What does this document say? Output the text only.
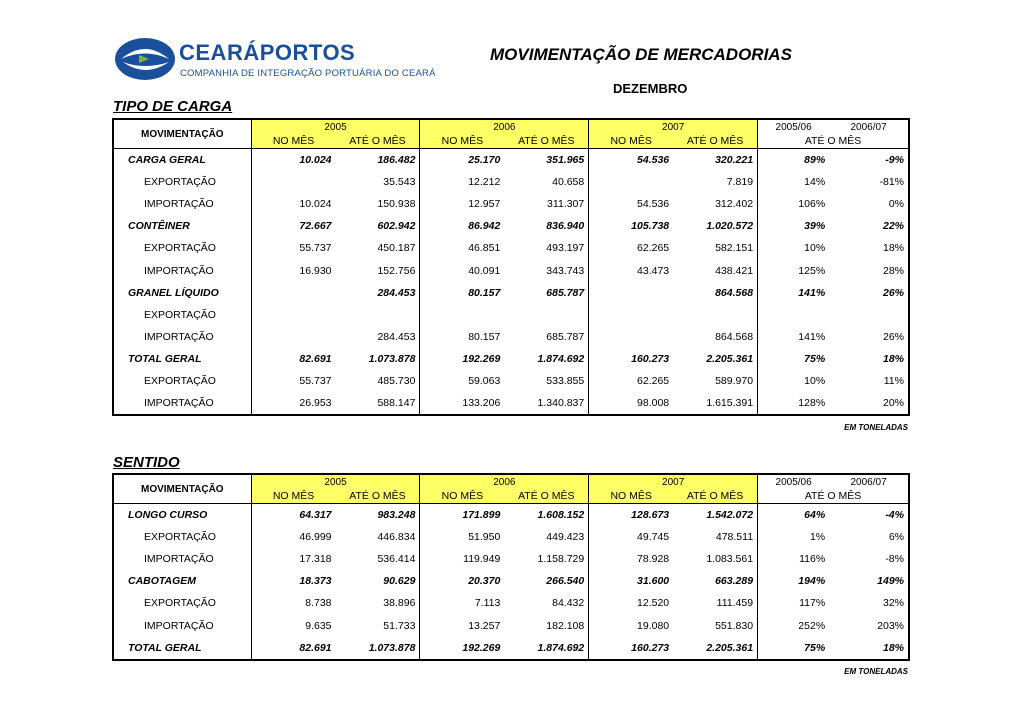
CEARÁPORTOS
COMPANHIA DE INTEGRAÇÃO PORTUÁRIA DO CEARÁ
MOVIMENTAÇÃO DE MERCADORIAS
DEZEMBRO
TIPO DE CARGA
MOVIMENTAÇÃO	2005		2006		2007		2005/06	2006/07
	NO MÊS	ATÉ O MÊS	NO MÊS	ATÉ O MÊS	NO MÊS	ATÉ O MÊS	ATÉ O MÊS	
CARGA GERAL	10.024	186.482	25.170	351.965	54.536	320.221	89%	-9%
EXPORTAÇÃO		35.543	12.212	40.658		7.819	14%	-81%
IMPORTAÇÃO	10.024	150.938	12.957	311.307	54.536	312.402	106%	0%
CONTÊINER	72.667	602.942	86.942	836.940	105.738	1.020.572	39%	22%
EXPORTAÇÃO	55.737	450.187	46.851	493.197	62.265	582.151	10%	18%
IMPORTAÇÃO	16.930	152.756	40.091	343.743	43.473	438.421	125%	28%
GRANEL LÍQUIDO		284.453	80.157	685.787		864.568	141%	26%
EXPORTAÇÃO								
IMPORTAÇÃO		284.453	80.157	685.787		864.568	141%	26%
TOTAL GERAL	82.691	1.073.878	192.269	1.874.692	160.273	2.205.361	75%	18%
EXPORTAÇÃO	55.737	485.730	59.063	533.855	62.265	589.970	10%	11%
IMPORTAÇÃO	26.953	588.147	133.206	1.340.837	98.008	1.615.391	128%	20%
EM TONELADAS
SENTIDO
MOVIMENTAÇÃO	2005		2006		2007		2005/06	2006/07
	NO MÊS	ATÉ O MÊS	NO MÊS	ATÉ O MÊS	NO MÊS	ATÉ O MÊS	ATÉ O MÊS	
LONGO CURSO	64.317	983.248	171.899	1.608.152	128.673	1.542.072	64%	-4%
EXPORTAÇÃO	46.999	446.834	51.950	449.423	49.745	478.511	1%	6%
IMPORTAÇÃO	17.318	536.414	119.949	1.158.729	78.928	1.083.561	116%	-8%
CABOTAGEM	18.373	90.629	20.370	266.540	31.600	663.289	194%	149%
EXPORTAÇÃO	8.738	38.896	7.113	84.432	12.520	111.459	117%	32%
IMPORTAÇÃO	9.635	51.733	13.257	182.108	19.080	551.830	252%	203%
TOTAL GERAL	82.691	1.073.878	192.269	1.874.692	160.273	2.205.361	75%	18%
EM TONELADAS
